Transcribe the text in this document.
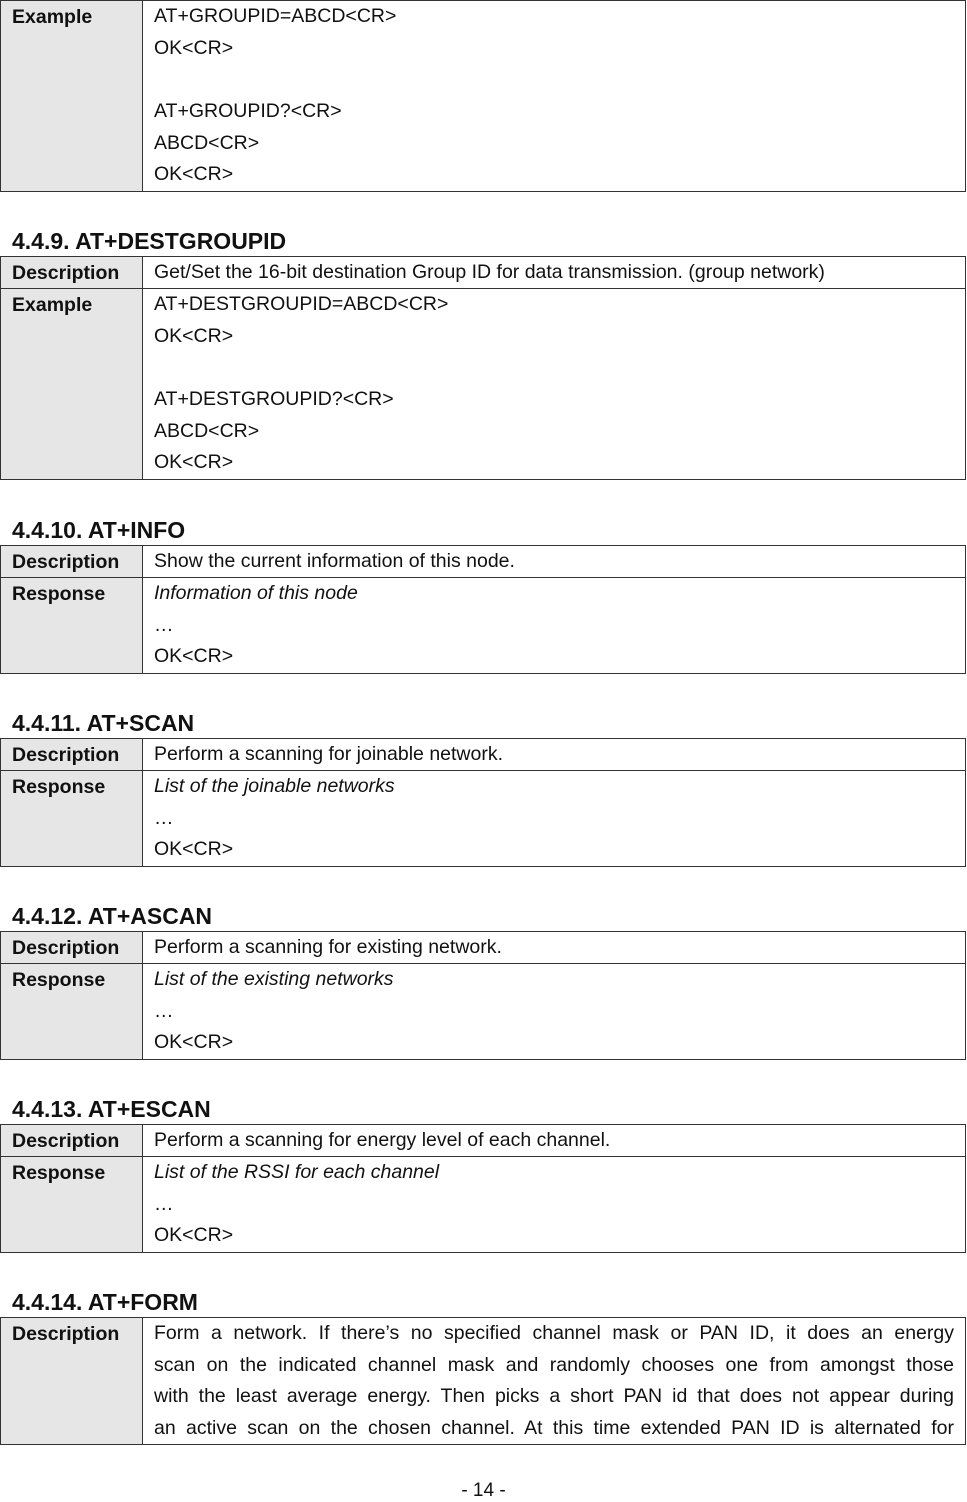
Example	AT+GROUPID=ABCD<CR>
OK<CR>
AT+GROUPID?<CR>
ABCD<CR>
OK<CR>
4.4.9. AT+DESTGROUPID
Description	Get/Set the 16-bit destination Group ID for data transmission. (group network)

Example	AT+DESTGROUPID=ABCD<CR>
OK<CR>
AT+DESTGROUPID?<CR>
ABCD<CR>
OK<CR>
4.4.10. AT+INFO
Description	Show the current information of this node.

Response	Information of this node
…
OK<CR>
4.4.11. AT+SCAN
Description	Perform a scanning for joinable network.

Response	List of the joinable networks
…
OK<CR>
4.4.12. AT+ASCAN
Description	Perform a scanning for existing network.

Response	List of the existing networks
…
OK<CR>
4.4.13. AT+ESCAN
Description	Perform a scanning for energy level of each channel.

Response	List of the RSSI for each channel
…
OK<CR>
4.4.14. AT+FORM
Description	Form a network. If there’s no specified channel mask or PAN ID, it does an energy
scan on the indicated channel mask and randomly chooses one from amongst those
with the least average energy. Then picks a short PAN id that does not appear during
an active scan on the chosen channel. At this time extended PAN ID is alternated for
- 14 -
